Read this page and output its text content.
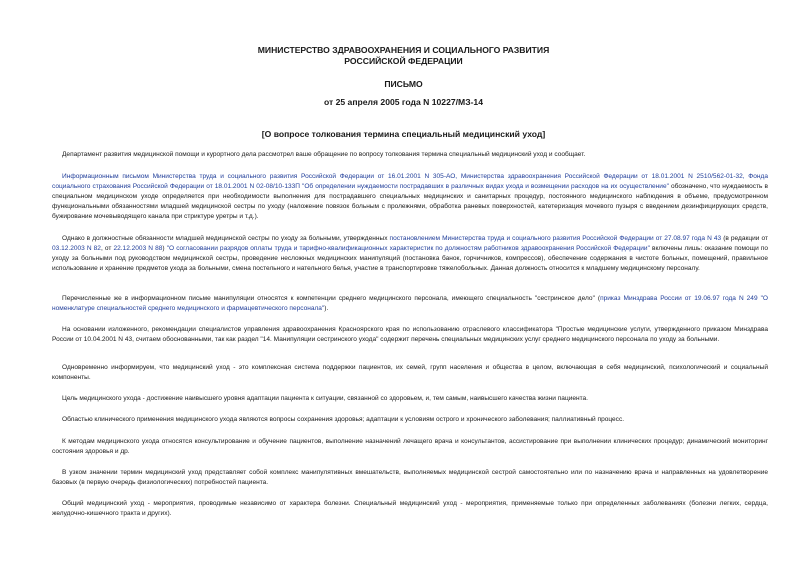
МИНИСТЕРСТВО ЗДРАВООХРАНЕНИЯ И СОЦИАЛЬНОГО РАЗВИТИЯ
РОССИЙСКОЙ ФЕДЕРАЦИИ
ПИСЬМО
от 25 апреля 2005 года N 10227/МЗ-14
[О вопросе толкования термина специальный медицинский уход]

Департамент развития медицинской помощи и курортного дела рассмотрел ваше обращение по вопросу толкования термина специальный медицинский уход и сообщает.

Информационным письмом Министерства труда и социального развития Российской Федерации от 16.01.2001 N 305-АО, Министерства здравоохранения Российской Федерации от 18.01.2001 N 2510/562-01-32, Фонда социального страхования Российской Федерации от 18.01.2001 N 02-08/10-133П "Об определении нуждаемости пострадавших в различных видах ухода и возмещении расходов на их осуществление" обозначено, что нуждаемость в специальном медицинском уходе определяется при необходимости выполнения для пострадавшего специальных медицинских и санитарных процедур, постоянного медицинского наблюдения в объеме, предусмотренном функциональными обязанностями младшей медицинской сестры по уходу (наложение повязок больным с пролежнями, обработка раневых поверхностей, катетеризация мочевого пузыря с введением дезинфицирующих средств, бужирование мочевыводящего канала при стриктуре уретры и т.д.).

Однако в должностные обязанности младшей медицинской сестры по уходу за больными, утвержденных постановлением Министерства труда и социального развития Российской Федерации от 27.08.97 года N 43 (в редакции от 03.12.2003 N 82, от 22.12.2003 N 88) "О согласовании разрядов оплаты труда и тарифно-квалификационных характеристик по должностям работников здравоохранения Российской Федерации" включены лишь: оказание помощи по уходу за больными под руководством медицинской сестры, проведение несложных медицинских манипуляций (постановка банок, горчичников, компрессов), обеспечение содержания в чистоте больных, помещений, правильное использование и хранение предметов ухода за больными, смена постельного и нательного белья, участие в транспортировке тяжелобольных. Данная должность относится к младшему медицинскому персоналу.

Перечисленные же в информационном письме манипуляции относятся к компетенции среднего медицинского персонала, имеющего специальность "сестринское дело" (приказ Минздрава России от 19.06.97 года N 249 "О номенклатуре специальностей среднего медицинского и фармацевтического персонала").

На основании изложенного, рекомендации специалистов управления здравоохранения Красноярского края по использованию отраслевого классификатора "Простые медицинские услуги, утвержденного приказом Минздрава России от 10.04.2001 N 43, считаем обоснованными, так как раздел "14. Манипуляции сестринского ухода" содержит перечень специальных медицинских услуг среднего медицинского персонала по уходу за больными.

Одновременно информируем, что медицинский уход - это комплексная система поддержки пациентов, их семей, групп населения и общества в целом, включающая в себя медицинский, психологический и социальный компоненты.

Цель медицинского ухода - достижение наивысшего уровня адаптации пациента к ситуации, связанной со здоровьем, и, тем самым, наивысшего качества жизни пациента.

Областью клинического применения медицинского ухода являются вопросы сохранения здоровья; адаптации к условиям острого и хронического заболевания; паллиативный процесс.

К методам медицинского ухода относятся консультирование и обучение пациентов, выполнение назначений лечащего врача и консультантов, ассистирование при выполнении клинических процедур; динамический мониторинг состояния здоровья и др.

В узком значении термин медицинский уход представляет собой комплекс манипулятивных вмешательств, выполняемых медицинской сестрой самостоятельно или по назначению врача и направленных на удовлетворение базовых (в первую очередь физиологических) потребностей пациента.

Общий медицинский уход - мероприятия, проводимые независимо от характера болезни. Специальный медицинский уход - мероприятия, применяемые только при определенных заболеваниях (болезни легких, сердца, желудочно-кишечного тракта и других).
